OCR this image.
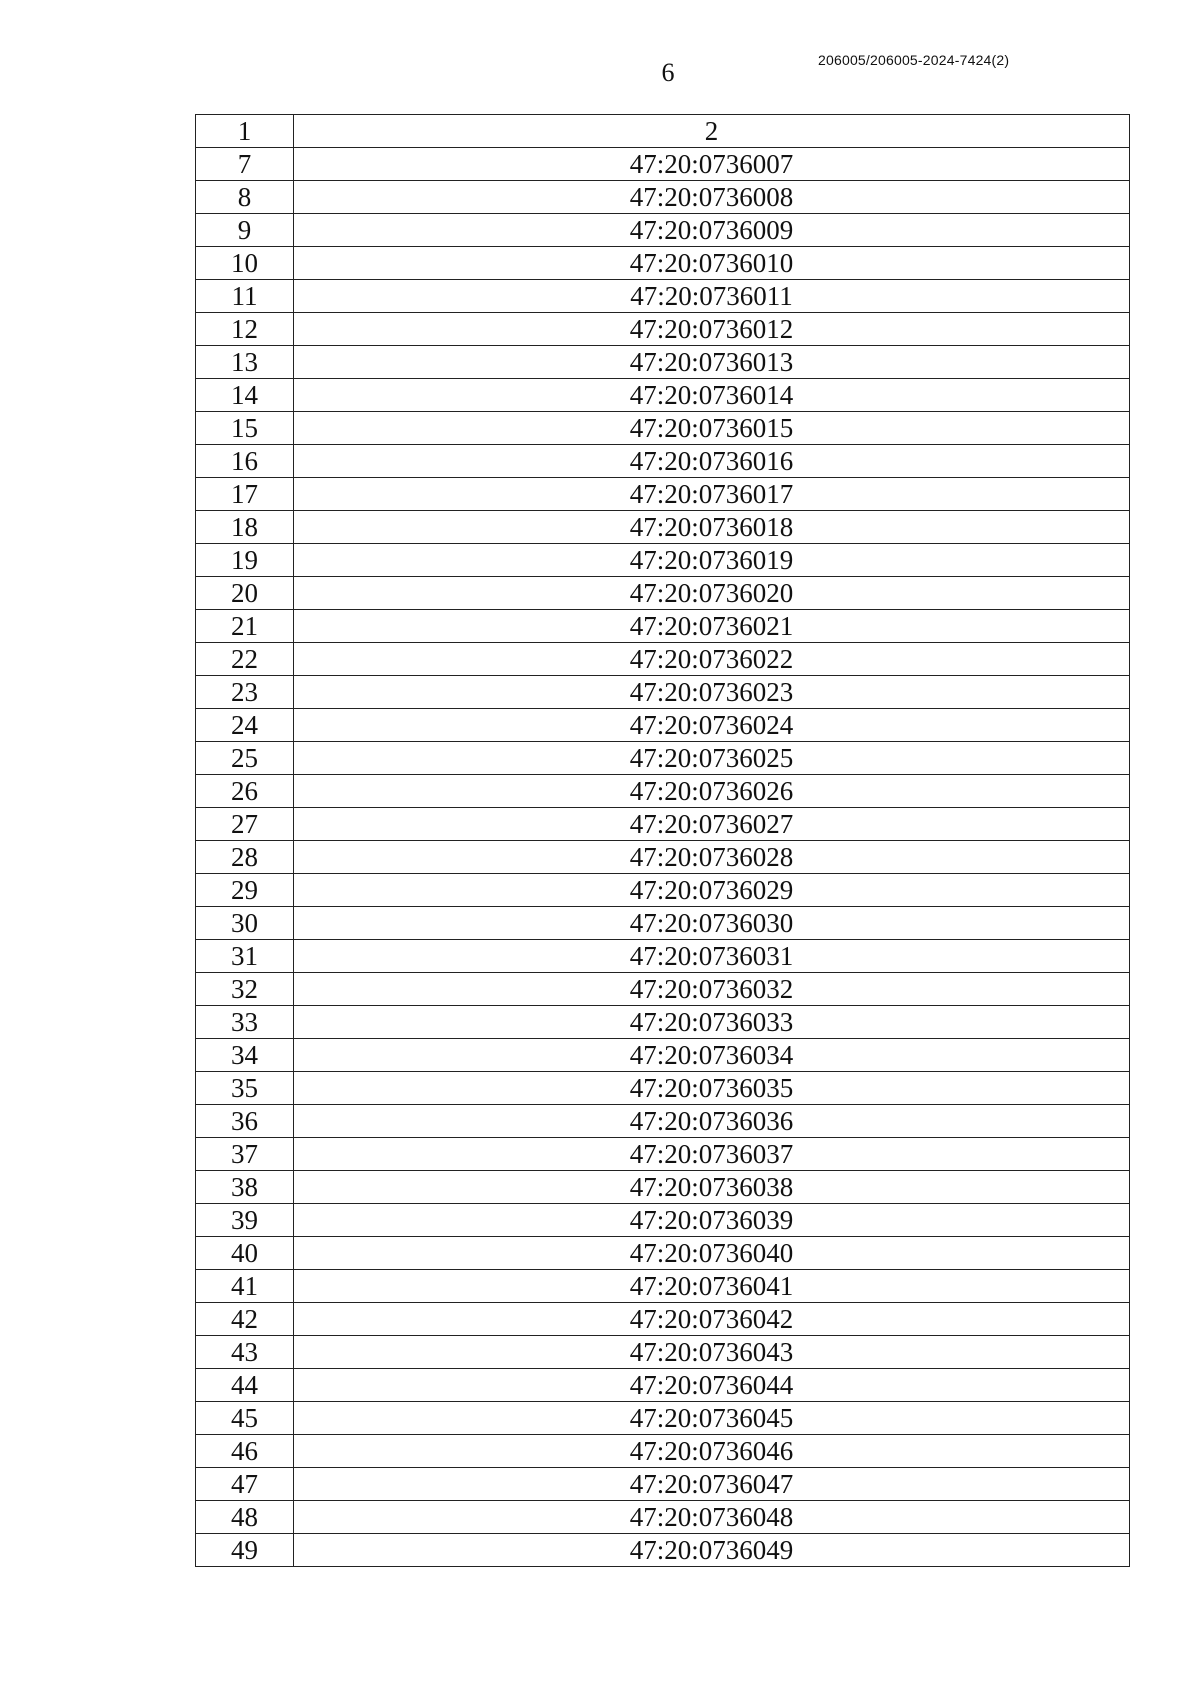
6	206005/206005-2024-7424(2)
1	2
7	47:20:0736007
8	47:20:0736008
9	47:20:0736009
10	47:20:0736010
11	47:20:0736011
12	47:20:0736012
13	47:20:0736013
14	47:20:0736014
15	47:20:0736015
16	47:20:0736016
17	47:20:0736017
18	47:20:0736018
19	47:20:0736019
20	47:20:0736020
21	47:20:0736021
22	47:20:0736022
23	47:20:0736023
24	47:20:0736024
25	47:20:0736025
26	47:20:0736026
27	47:20:0736027
28	47:20:0736028
29	47:20:0736029
30	47:20:0736030
31	47:20:0736031
32	47:20:0736032
33	47:20:0736033
34	47:20:0736034
35	47:20:0736035
36	47:20:0736036
37	47:20:0736037
38	47:20:0736038
39	47:20:0736039
40	47:20:0736040
41	47:20:0736041
42	47:20:0736042
43	47:20:0736043
44	47:20:0736044
45	47:20:0736045
46	47:20:0736046
47	47:20:0736047
48	47:20:0736048
49	47:20:0736049
